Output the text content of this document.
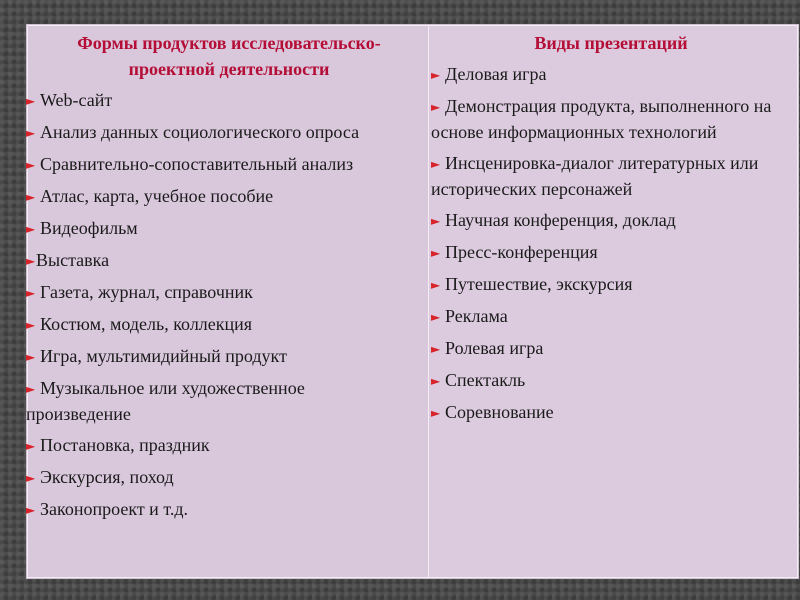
Формы продуктов исследовательско-проектной деятельности
► Web-сайт
► Анализ данных социологического опроса
► Сравнительно-сопоставительный анализ
► Атлас, карта, учебное пособие
► Видеофильм
►Выставка
► Газета, журнал, справочник
► Костюм, модель, коллекция
► Игра, мультимидийный продукт
► Музыкальное или художественное произведение
► Постановка, праздник
► Экскурсия, поход
► Законопроект и т.д.
Виды презентаций
► Деловая игра
► Демонстрация продукта, выполненного на основе информационных технологий
► Инсценировка-диалог литературных или исторических персонажей
► Научная конференция, доклад
► Пресс-конференция
► Путешествие, экскурсия
► Реклама
► Ролевая игра
► Спектакль
► Соревнование
